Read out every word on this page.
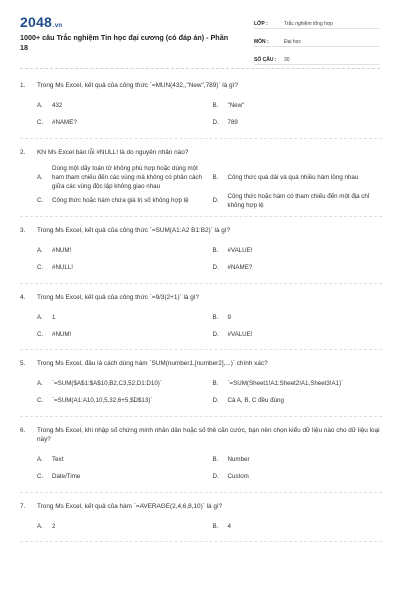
2048.vn
1000+ câu Trắc nghiệm Tin học đại cương (có đáp án) - Phần 18
LỚP :	Trắc nghiệm tổng hợp
MÔN :	Đại học
SỐ CÂU :	30
1.	Trong Ms Excel, kết quả của công thức `=MUN(432,,"New",789)` là gì?
A.	432	B.	"New"
C.	#NAME?	D.	789
2.	Khi Ms Excel báo lỗi #NULL! là do nguyên nhân nào?
A.
Dùng một dãy toán tử không phù hợp hoặc dùng một ham tham chiếu đến các vùng mà không có phân cách giữa các vùng độc lập không giao nhau
B.	Công thức quá dài và quá nhiều hàm lồng nhau
C.	Công thức hoặc hàm chứa giá trị số không hợp lệ	D.
Công thức hoặc hàm có tham chiếu đến một địa chỉ không hợp lệ
3.	Trong Ms Excel, kết quả của công thức `=SUM(A1:A2 B1:B2)` là gì?
A.	#NUM!	B.	#VALUE!
C.	#NULL!	D.	#NAME?
4.	Trong Ms Excel, kết quả của công thức `=9/3(2+1)` là gì?
A.	1	B.	9
C.	#NUM!	D.	#VALUE!
5.	Trong Ms Excel, đâu là cách dùng hàm `SUM(number1,[number2],...)` chính xác?
A.	`=SUM($A$1:$A$10,B2,C3,52,D1:D10)`	B.	`=SUM(Sheet1!A1:Sheet2!A1,Sheet3!A1)`
C.	`=SUM(A1:A10,10,5,32,6+5,$D$13)`	D.	Cả A, B, C đều đúng
6.	Trong Ms Excel, khi nhập số chứng minh nhân dân hoặc số thẻ căn cước, bạn nên chọn kiểu dữ liệu nào cho dữ liệu loại này?
A.	Text	B.	Number
C.	Date/Time	D.	Custom
7.	Trong Ms Excel, kết quả của hàm `=AVERAGE(2,4,6,8,10)` là gì?
A.	2	B.	4
